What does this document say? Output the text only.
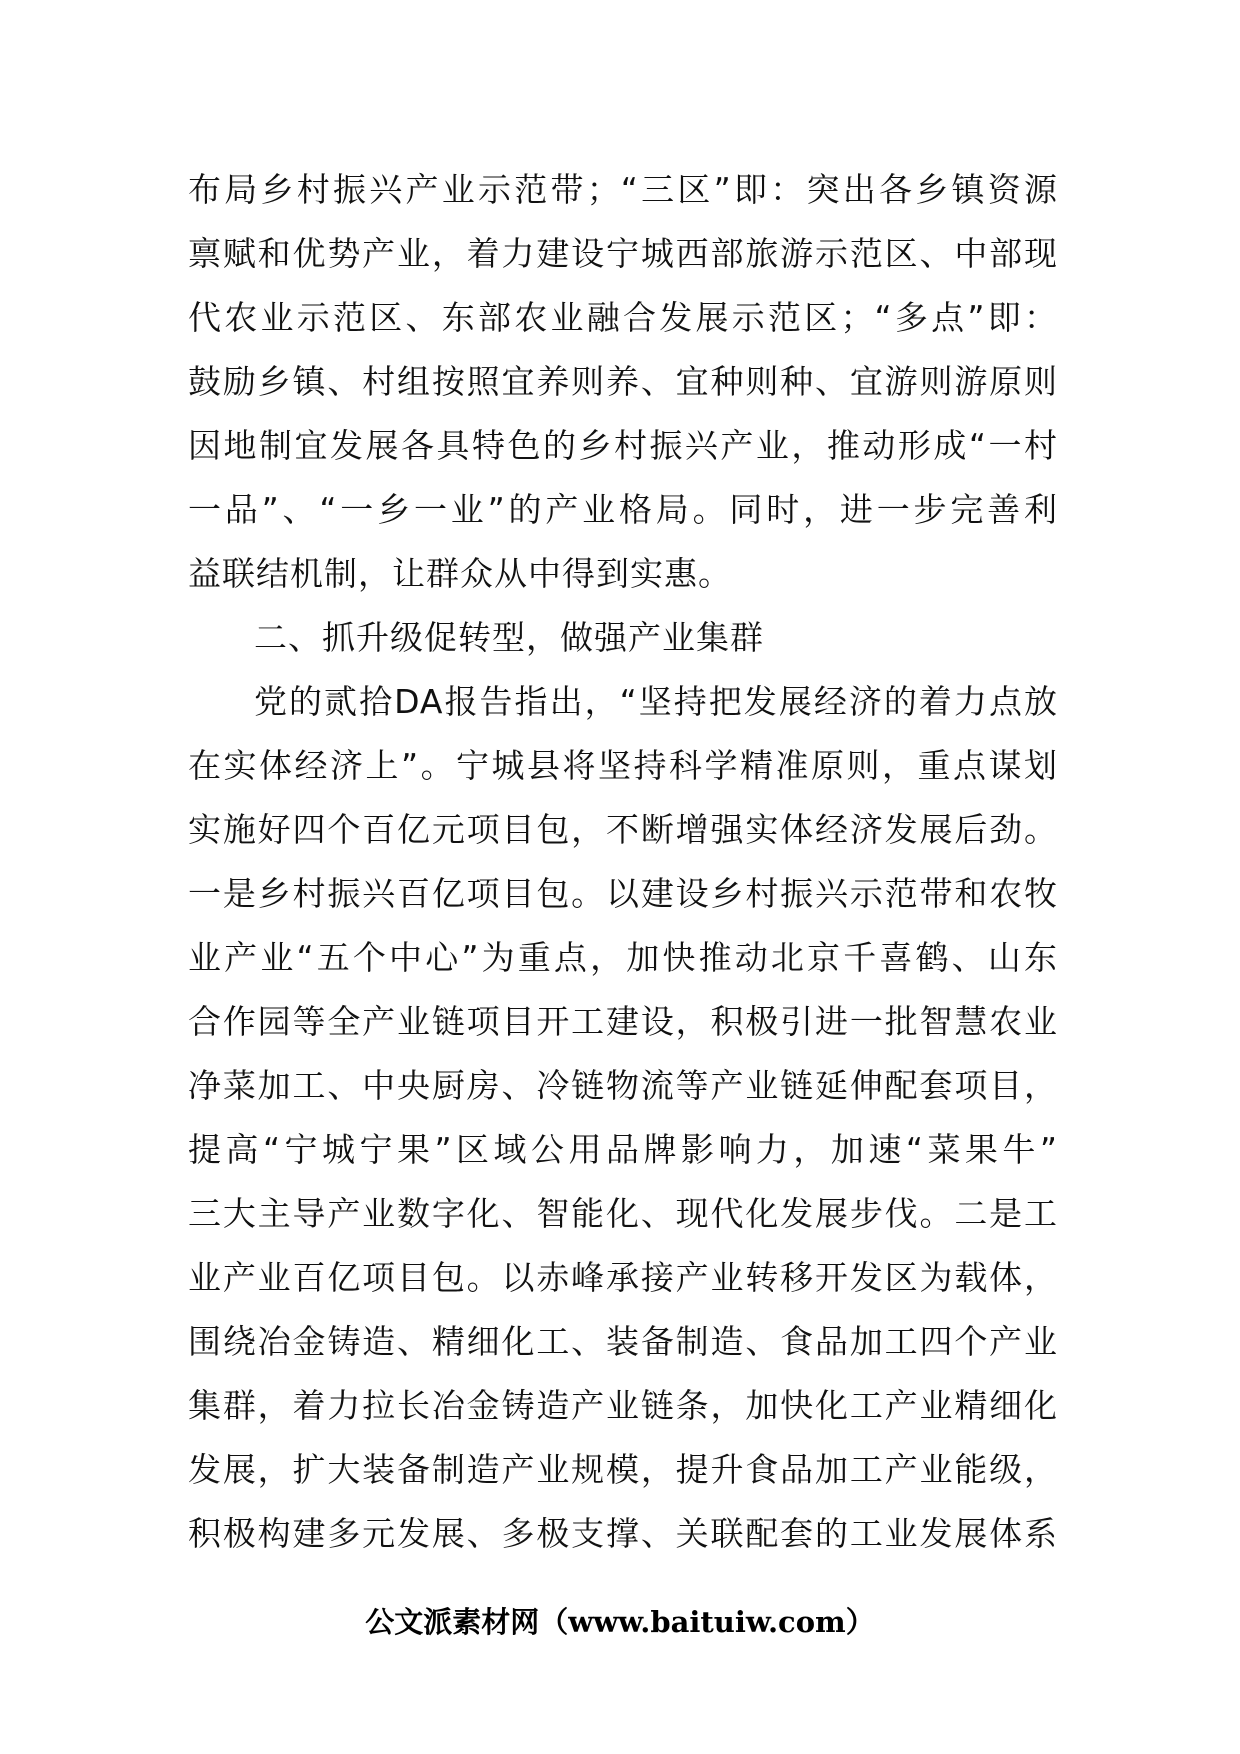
布局乡村振兴产业示范带；“三区”即：突出各乡镇资源
禀赋和优势产业，着力建设宁城西部旅游示范区、中部现
代农业示范区、东部农业融合发展示范区；“多点”即：
鼓励乡镇、村组按照宜养则养、宜种则种、宜游则游原则
因地制宜发展各具特色的乡村振兴产业，推动形成“一村
一品”、“一乡一业”的产业格局。同时，进一步完善利
益联结机制，让群众从中得到实惠。
二、抓升级促转型，做强产业集群
党的贰拾DA报告指出，“坚持把发展经济的着力点放
在实体经济上”。宁城县将坚持科学精准原则，重点谋划
实施好四个百亿元项目包，不断增强实体经济发展后劲。
一是乡村振兴百亿项目包。以建设乡村振兴示范带和农牧
业产业“五个中心”为重点，加快推动北京千喜鹤、山东
合作园等全产业链项目开工建设，积极引进一批智慧农业
净菜加工、中央厨房、冷链物流等产业链延伸配套项目，
提高“宁城宁果”区域公用品牌影响力，加速“菜果牛”
三大主导产业数字化、智能化、现代化发展步伐。二是工
业产业百亿项目包。以赤峰承接产业转移开发区为载体，
围绕冶金铸造、精细化工、装备制造、食品加工四个产业
集群，着力拉长冶金铸造产业链条，加快化工产业精细化
发展，扩大装备制造产业规模，提升食品加工产业能级，
积极构建多元发展、多极支撑、关联配套的工业发展体系
公文派素材网（www.baituiw.com）
